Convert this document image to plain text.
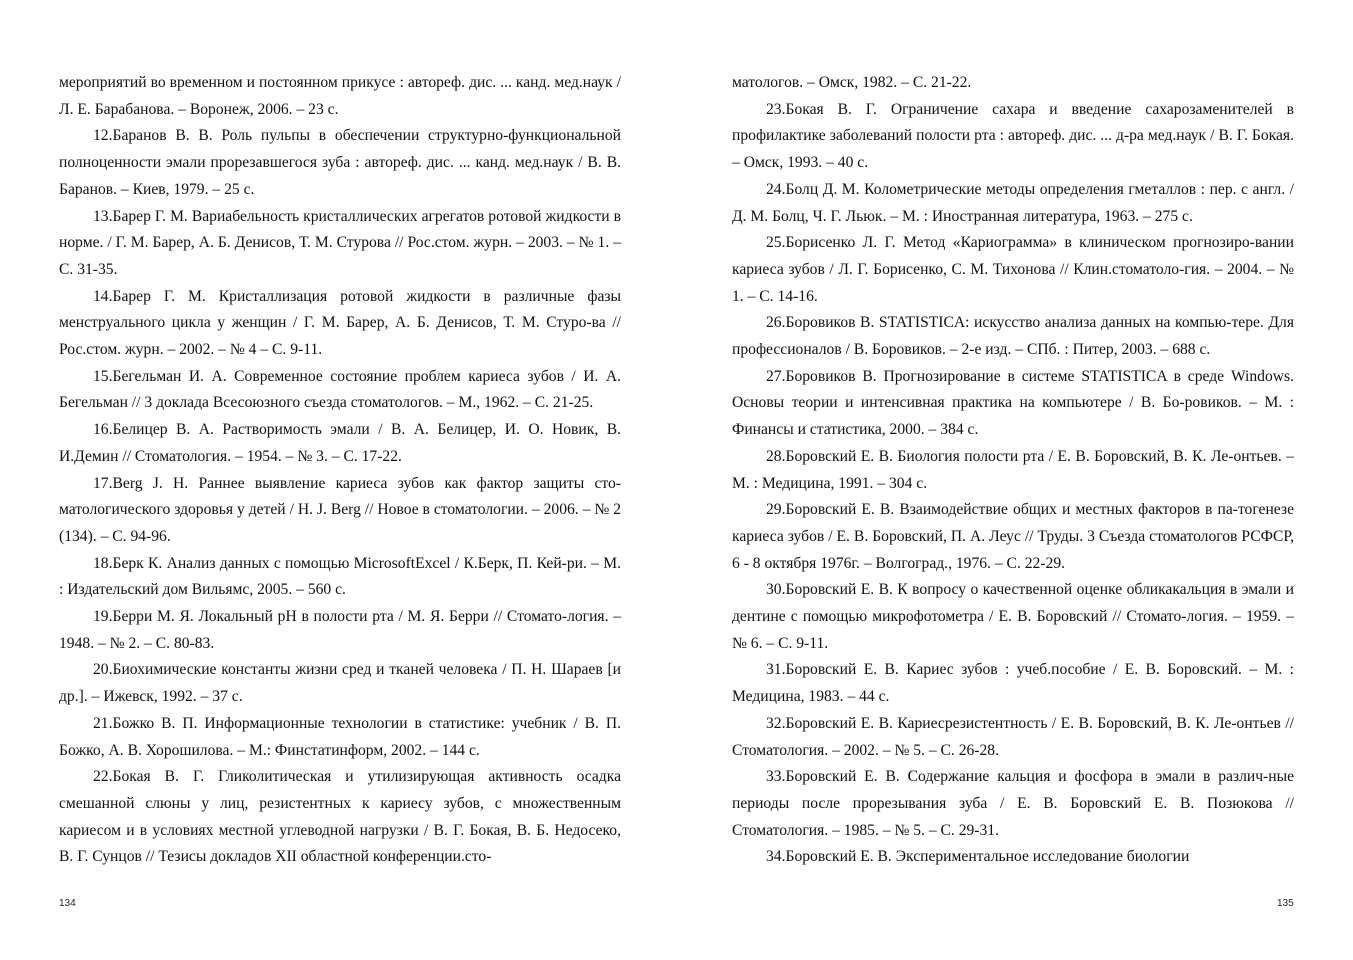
мероприятий во временном и постоянном прикусе : автореф. дис. ... канд. мед.наук / Л. Е. Барабанова. – Воронеж, 2006. – 23 с.

12.Баранов В. В. Роль пульпы в обеспечении структурно-функциональной полноценности эмали прорезавшегося зуба : автореф. дис. ... канд. мед.наук / В. В. Баранов. – Киев, 1979. – 25 с.

13.Барер Г. М. Вариабельность кристаллических агрегатов ротовой жидкости в норме. / Г. М. Барер, А. Б. Денисов, Т. М. Стурова // Рос.стом. журн. – 2003. – № 1. – С. 31-35.

14.Барер Г. М. Кристаллизация ротовой жидкости в различные фазы менструального цикла у женщин / Г. М. Барер, А. Б. Денисов, Т. М. Стуро-ва // Рос.стом. журн. – 2002. – № 4 – С. 9-11.

15.Бегельман И. А. Современное состояние проблем кариеса зубов / И. А. Бегельман // 3 доклада Всесоюзного съезда стоматологов. – М., 1962. – С. 21-25.

16.Белицер В. А. Растворимость эмали / В. А. Белицер, И. О. Новик, В. И.Демин // Стоматология. – 1954. – № 3. – С. 17-22.

17.Berg J. H. Раннее выявление кариеса зубов как фактор защиты сто-матологического здоровья у детей / H. J. Berg // Новое в стоматологии. – 2006. – № 2 (134). – С. 94-96.

18.Берк К. Анализ данных с помощью MicrosoftExcel / К.Берк, П. Кей-ри. – М. : Издательский дом Вильямс, 2005. – 560 с.

19.Берри М. Я. Локальный pH в полости рта / М. Я. Берри // Стомато-логия. – 1948. – № 2. – С. 80-83.

20.Биохимические константы жизни сред и тканей человека / П. Н. Шараев [и др.]. – Ижевск, 1992. – 37 с.

21.Божко В. П. Информационные технологии в статистике: учебник / В. П. Божко, А. В. Хорошилова. – М.: Финстатинформ, 2002. – 144 с.

22.Бокая В. Г. Гликолитическая и утилизирующая активность осадка смешанной слюны у лиц, резистентных к кариесу зубов, с множественным кариесом и в условиях местной углеводной нагрузки / В. Г. Бокая, В. Б. Недосеко, В. Г. Сунцов // Тезисы докладов XII областной конференции.сто-

134

матологов. – Омск, 1982. – С. 21-22.

23.Бокая В. Г. Ограничение сахара и введение сахарозаменителей в профилактике заболеваний полости рта : автореф. дис. ... д-ра мед.наук / В. Г. Бокая. – Омск, 1993. – 40 с.

24.Болц Д. М. Колометрические методы определения гметаллов : пер. с англ. / Д. М. Болц, Ч. Г. Льюк. – М. : Иностранная литература, 1963. – 275 с.

25.Борисенко Л. Г. Метод «Кариограмма» в клиническом прогнозиро-вании кариеса зубов / Л. Г. Борисенко, С. М. Тихонова // Клин.стоматоло-гия. – 2004. – № 1. – С. 14-16.

26.Боровиков В. STATISTICA: искусство анализа данных на компью-тере. Для профессионалов / В. Боровиков. – 2-е изд. – СПб. : Питер, 2003. – 688 с.

27.Боровиков В. Прогнозирование в системе STATISTICA в среде Windows. Основы теории и интенсивная практика на компьютере / В. Бо-ровиков. – М. : Финансы и статистика, 2000. – 384 с.

28.Боровский Е. В. Биология полости рта / Е. В. Боровский, В. К. Ле-онтьев. – М. : Медицина, 1991. – 304 с.

29.Боровский Е. В. Взаимодействие общих и местных факторов в па-тогенезе кариеса зубов / Е. В. Боровский, П. А. Леус // Труды. 3 Съезда стоматологов РСФСР, 6 - 8 октября 1976г. – Волгоград., 1976. – С. 22-29.

30.Боровский Е. В. К вопросу о качественной оценке обликакальция в эмали и дентине с помощью микрофотометра / Е. В. Боровский // Стомато-логия. – 1959. – № 6. – С. 9-11.

31.Боровский Е. В. Кариес зубов : учеб.пособие / Е. В. Боровский. – М. : Медицина, 1983. – 44 с.

32.Боровский Е. В. Кариесрезистентность / Е. В. Боровский, В. К. Ле-онтьев // Стоматология. – 2002. – № 5. – С. 26-28.

33.Боровский Е. В. Содержание кальция и фосфора в эмали в различ-ные периоды после прорезывания зуба / Е. В. Боровский Е. В. Позюкова // Стоматология. – 1985. – № 5. – С. 29-31.

34.Боровский Е. В. Экспериментальное исследование биологии

135
